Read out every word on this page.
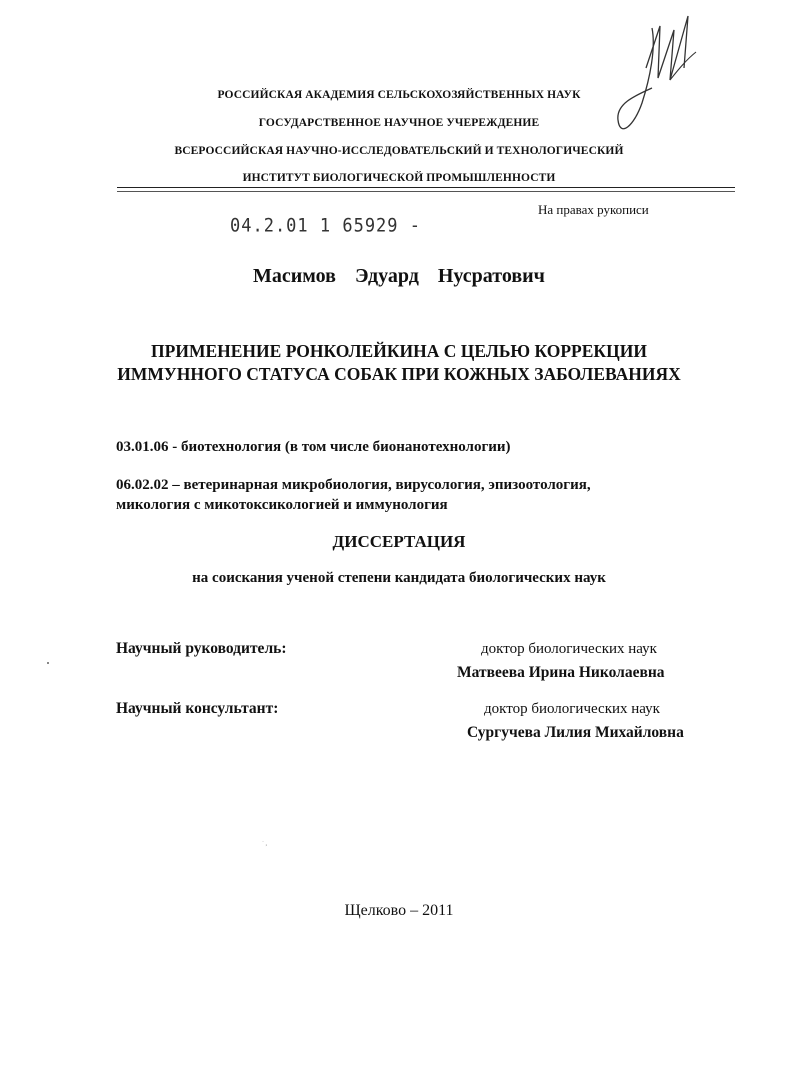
РОССИЙСКАЯ АКАДЕМИЯ СЕЛЬСКОХОЗЯЙСТВЕННЫХ НАУК
ГОСУДАРСТВЕННОЕ НАУЧНОЕ УЧЕРЕЖДЕНИЕ
ВСЕРОССИЙСКАЯ НАУЧНО-ИССЛЕДОВАТЕЛЬСКИЙ И ТЕХНОЛОГИЧЕСКИЙ
ИНСТИТУТ БИОЛОГИЧЕСКОЙ ПРОМЫШЛЕННОСТИ
На правах рукописи
04.2.01 1 65929 -
Масимов Эдуард Нусратович
ПРИМЕНЕНИЕ РОНКОЛЕЙКИНА С ЦЕЛЬЮ КОРРЕКЦИИ
ИММУННОГО СТАТУСА СОБАК ПРИ КОЖНЫХ ЗАБОЛЕВАНИЯХ
03.01.06 - биотехнология (в том числе бионанотехнологии)
06.02.02 – ветеринарная микробиология, вирусология, эпизоотология,
микология с микотоксикологией и иммунология
ДИССЕРТАЦИЯ
на соискания ученой степени кандидата биологических наук
Научный руководитель:	доктор биологических наук
Матвеева Ирина Николаевна
Научный консультант:	доктор биологических наук
Сургучева Лилия Михайловна
˙ ,
Щелково – 2011
